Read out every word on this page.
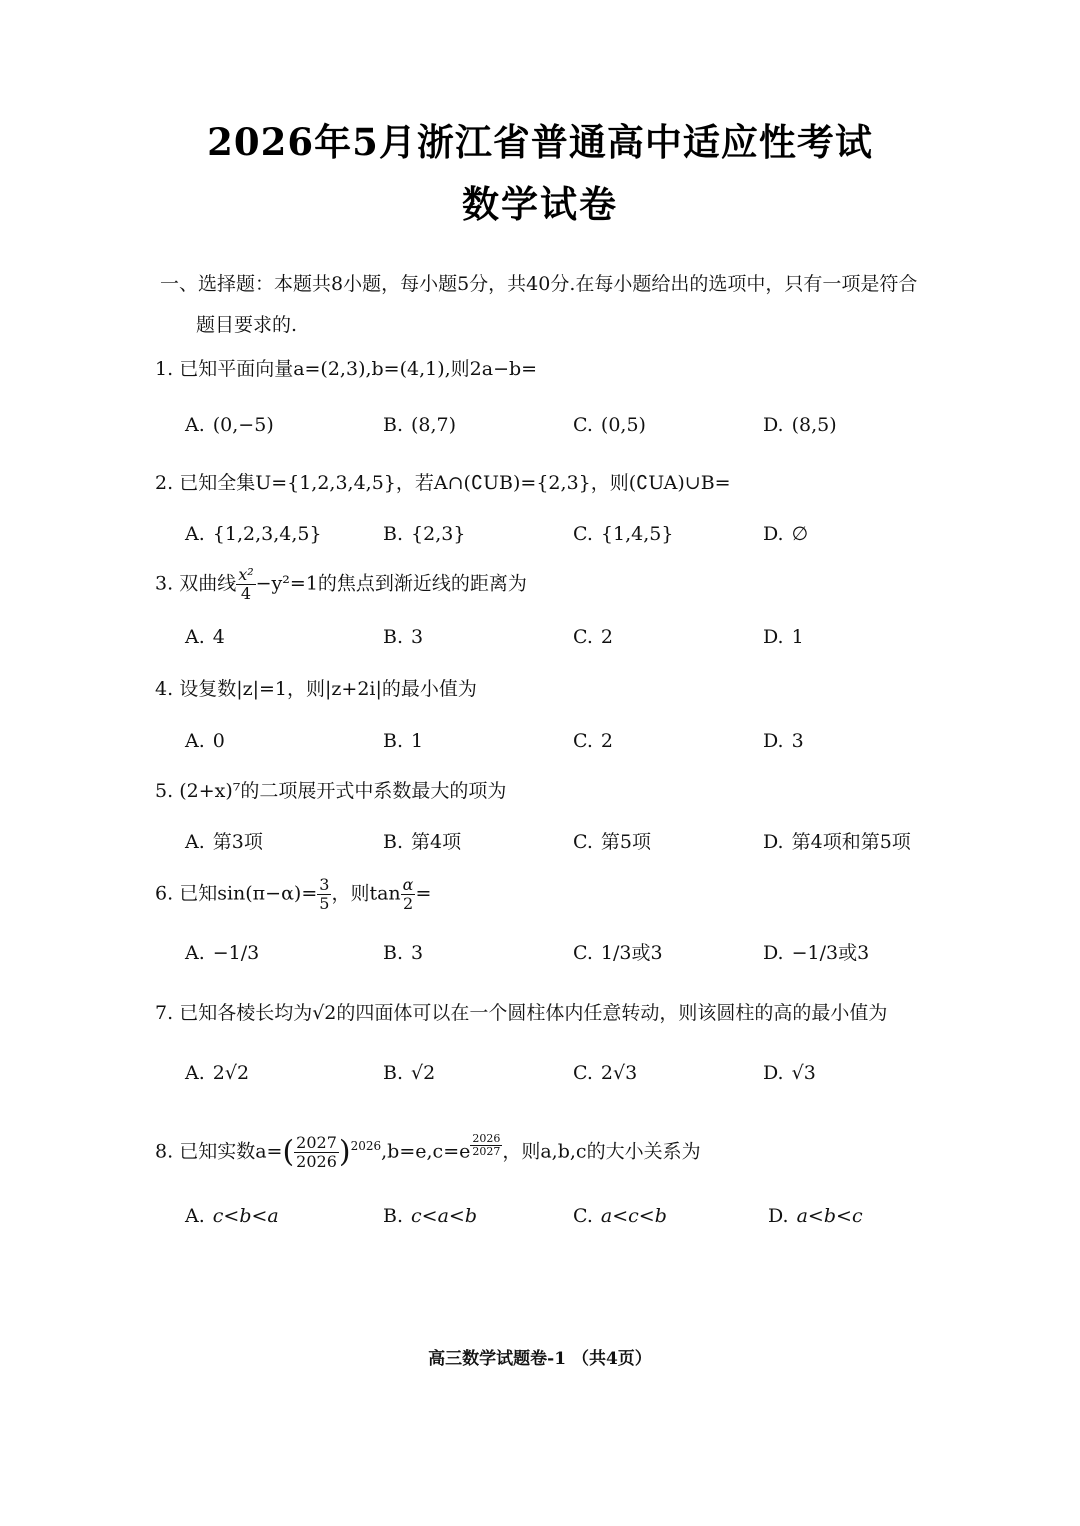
2026年5月浙江省普通高中适应性考试
数学试卷
一、选择题：本题共8小题，每小题5分，共40分.在每小题给出的选项中，只有一项是符合
题目要求的.
1. 已知平面向量a=(2,3),b=(4,1),则2a−b=
A. (0,−5)	B. (8,7)	C. (0,5)	D. (8,5)
2. 已知全集U={1,2,3,4,5}，若A∩(∁UB)={2,3}，则(∁UA)∪B=
A. {1,2,3,4,5}	B. {2,3}	C. {1,4,5}	D. ∅
3. 双曲线 $\frac{\text{x²}}{4} -y^2=1$的焦点到渐近线的距离为
A. 4	B. 3	C. 2	D. 1
4. 设复数|z|=1，则|z+2i|的最小值为
A. 0	B. 1	C. 2	D. 3
5. (2+x)⁷的二项展开式中系数最大的项为
A. 第3项	B. 第4项	C. 第5项	D. 第4项和第5项
6. 已知$\sin(\pi-\alpha)= \frac{3}{5}$ ，则$\tan \frac{\alpha}{2}$ =
A. −1/3	B. 3	C. 1/3或3	D. −1/3或3
7. 已知各棱长均为√2的四面体可以在一个圆柱体内任意转动，则该圆柱的高的最小值为
A. 2√2	B. √2	C. 2√3	D. √3
8. 已知实数$a=( \frac{2027}{2026} )^{2026},b=e,c=e$ $^{\frac{2026}{2027}}$ ，则a,b,c的大小关系为
A. c<b<a	B. c<a<b	C. a<c<b	D. a<b<c
高三数学试题卷-1 （共4页）
